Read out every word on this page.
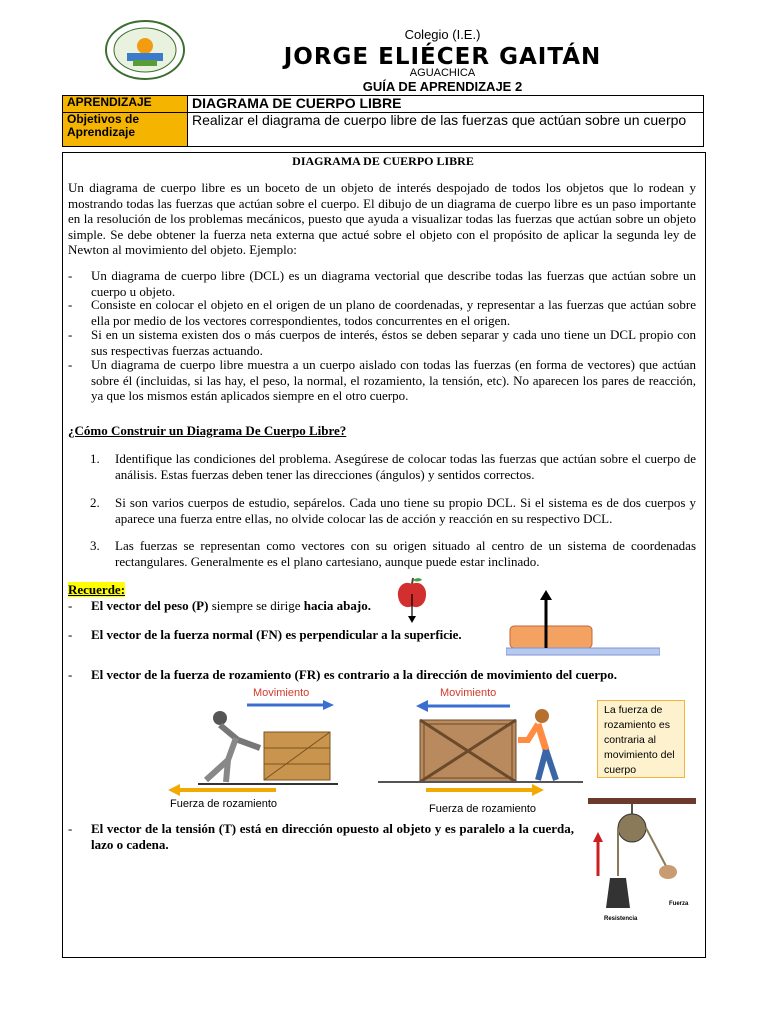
Colegio (I.E.)
JORGE ELIÉCER GAITÁN
AGUACHICA
GUÍA DE APRENDIZAJE 2
APRENDIZAJE	DIAGRAMA DE CUERPO LIBRE
Objetivos de Aprendizaje	Realizar el diagrama de cuerpo libre de las fuerzas que actúan sobre un cuerpo
DIAGRAMA DE CUERPO LIBRE
Un diagrama de cuerpo libre es un boceto de un objeto de interés despojado de todos los objetos que lo rodean y mostrando todas las fuerzas que actúan sobre el cuerpo. El dibujo de un diagrama de cuerpo libre es un paso importante en la resolución de los problemas mecánicos, puesto que ayuda a visualizar todas las fuerzas que actúan sobre un objeto simple. Se debe obtener la fuerza neta externa que actué sobre el objeto con el propósito de aplicar la segunda ley de Newton al movimiento del objeto. Ejemplo:
- Un diagrama de cuerpo libre (DCL) es un diagrama vectorial que describe todas las fuerzas que actúan sobre un cuerpo u objeto.
- Consiste en colocar el objeto en el origen de un plano de coordenadas, y representar a las fuerzas que actúan sobre ella por medio de los vectores correspondientes, todos concurrentes en el origen.
- Si en un sistema existen dos o más cuerpos de interés, éstos se deben separar y cada uno tiene un DCL propio con sus respectivas fuerzas actuando.
- Un diagrama de cuerpo libre muestra a un cuerpo aislado con todas las fuerzas (en forma de vectores) que actúan sobre él (incluidas, si las hay, el peso, la normal, el rozamiento, la tensión, etc). No aparecen los pares de reacción, ya que los mismos están aplicados siempre en el otro cuerpo.
¿Cómo Construir un Diagrama De Cuerpo Libre?
1. Identifique las condiciones del problema. Asegúrese de colocar todas las fuerzas que actúan sobre el cuerpo de análisis. Estas fuerzas deben tener las direcciones (ángulos) y sentidos correctos.
2. Si son varios cuerpos de estudio, sepárelos. Cada uno tiene su propio DCL. Si el sistema es de dos cuerpos y aparece una fuerza entre ellas, no olvide colocar las de acción y reacción en su respectivo DCL.
3. Las fuerzas se representan como vectores con su origen situado al centro de un sistema de coordenadas rectangulares. Generalmente es el plano cartesiano, aunque puede estar inclinado.
Recuerde:
- El vector del peso (P) siempre se dirige hacia abajo.
- El vector de la fuerza normal (FN) es perpendicular a la superficie.
- El vector de la fuerza de rozamiento (FR) es contrario a la dirección de movimiento del cuerpo.
Movimiento
Fuerza de rozamiento
Movimiento
Fuerza de rozamiento
La fuerza de rozamiento es contraria al movimiento del cuerpo
- El vector de la tensión (T) está en dirección opuesto al objeto y es paralelo a la cuerda, lazo o cadena.
Fuerza
Resistencia
